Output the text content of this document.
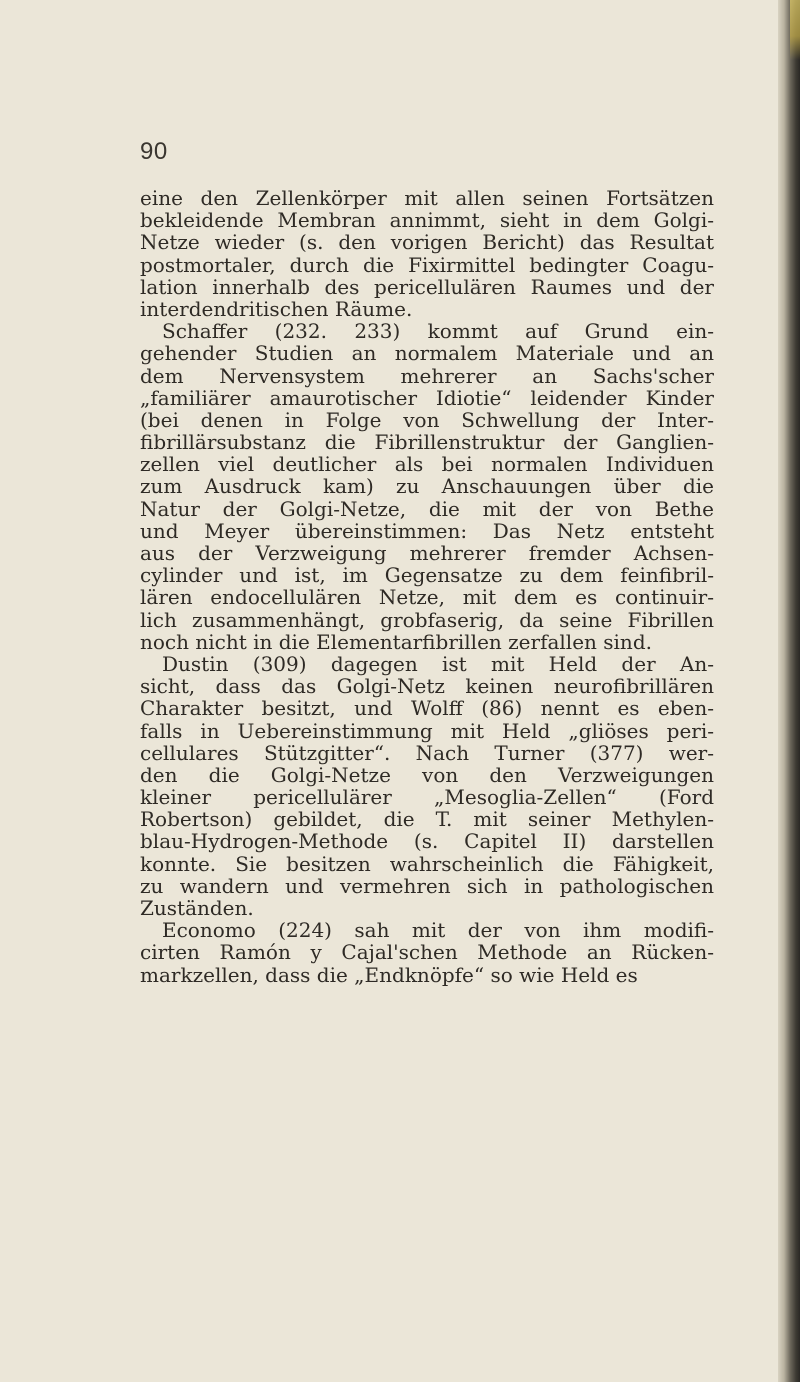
90
eine den Zellenkörper mit allen seinen Fortsätzen
bekleidende Membran annimmt, sieht in dem Golgi-
Netze wieder (s. den vorigen Bericht) das Resultat
postmortaler, durch die Fixirmittel bedingter Coagu-
lation innerhalb des pericellulären Raumes und der
interdendritischen Räume.
Schaffer (232. 233) kommt auf Grund ein-
gehender Studien an normalem Materiale und an
dem Nervensystem mehrerer an Sachs'scher
„familiärer amaurotischer Idiotie“ leidender Kinder
(bei denen in Folge von Schwellung der Inter-
fibrillärsubstanz die Fibrillenstruktur der Ganglien-
zellen viel deutlicher als bei normalen Individuen
zum Ausdruck kam) zu Anschauungen über die
Natur der Golgi-Netze, die mit der von Bethe
und Meyer übereinstimmen: Das Netz entsteht
aus der Verzweigung mehrerer fremder Achsen-
cylinder und ist, im Gegensatze zu dem feinfibril-
lären endocellulären Netze, mit dem es continuir-
lich zusammenhängt, grobfaserig, da seine Fibrillen
noch nicht in die Elementarfibrillen zerfallen sind.
Dustin (309) dagegen ist mit Held der An-
sicht, dass das Golgi-Netz keinen neurofibrillären
Charakter besitzt, und Wolff (86) nennt es eben-
falls in Uebereinstimmung mit Held „gliöses peri-
cellulares Stützgitter“. Nach Turner (377) wer-
den die Golgi-Netze von den Verzweigungen
kleiner pericellulärer „Mesoglia-Zellen“ (Ford
Robertson) gebildet, die T. mit seiner Methylen-
blau-Hydrogen-Methode (s. Capitel II) darstellen
konnte. Sie besitzen wahrscheinlich die Fähigkeit,
zu wandern und vermehren sich in pathologischen
Zuständen.
Economo (224) sah mit der von ihm modifi-
cirten Ramón y Cajal'schen Methode an Rücken-
markzellen, dass die „Endknöpfe“ so wie Held es
